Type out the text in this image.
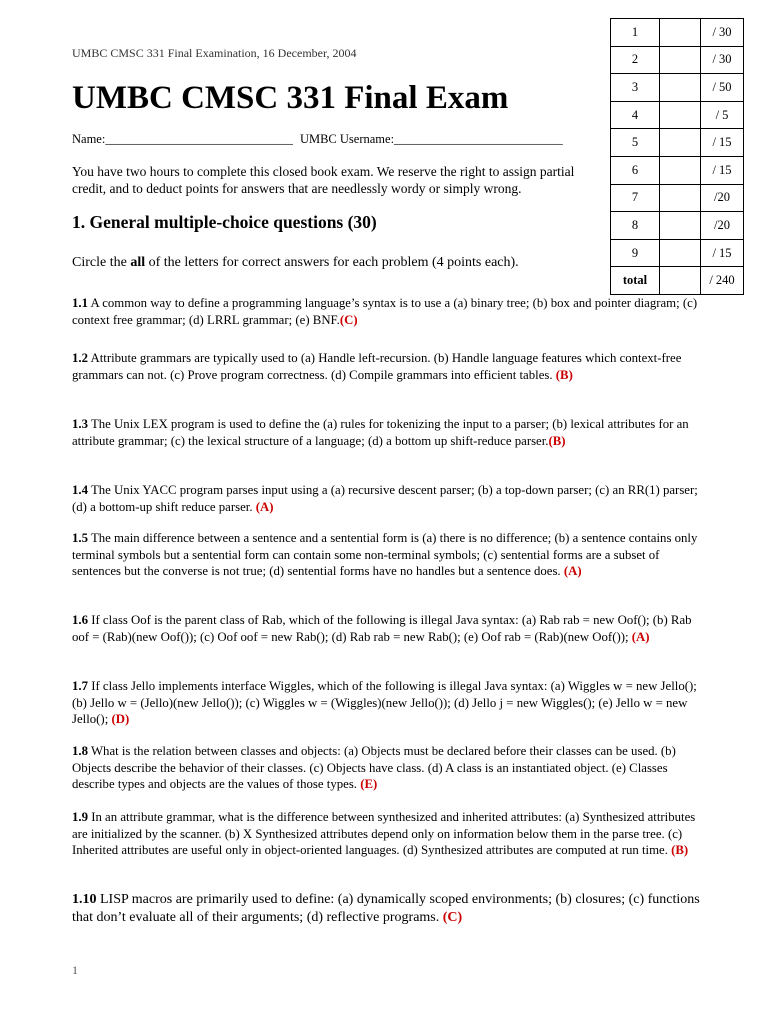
UMBC CMSC 331 Final Examination, 16 December, 2004
UMBC CMSC 331 Final Exam
Name:______________________________ UMBC Username:___________________________
You have two hours to complete this closed book exam. We reserve the right to assign partial credit, and to deduct points for answers that are needlessly wordy or simply wrong.
1. General multiple-choice questions (30)
Circle the all of the letters for correct answers for each problem (4 points each).
1		/ 30
2		/ 30
3		/ 50
4		/ 5
5		/ 15
6		/ 15
7		/20
8		/20
9		/ 15
total		/ 240
1.1 A common way to define a programming language’s syntax is to use a (a) binary tree; (b) box and pointer diagram; (c) context free grammar; (d) LRRL grammar; (e) BNF.(C)
1.2 Attribute grammars are typically used to (a) Handle left-recursion. (b) Handle language features which context-free grammars can not. (c) Prove program correctness. (d) Compile grammars into efficient tables. (B)
1.3 The Unix LEX program is used to define the (a) rules for tokenizing the input to a parser; (b) lexical attributes for an attribute grammar; (c) the lexical structure of a language; (d) a bottom up shift-reduce parser.(B)
1.4 The Unix YACC program parses input using a (a) recursive descent parser; (b) a top-down parser; (c) an RR(1) parser; (d) a bottom-up shift reduce parser. (A)
1.5 The main difference between a sentence and a sentential form is (a) there is no difference; (b) a sentence contains only terminal symbols but a sentential form can contain some non-terminal symbols; (c) sentential forms are a subset of sentences but the converse is not true; (d) sentential forms have no handles but a sentence does. (A)
1.6 If class Oof is the parent class of Rab, which of the following is illegal Java syntax: (a) Rab rab = new Oof(); (b) Rab oof = (Rab)(new Oof()); (c) Oof oof = new Rab(); (d) Rab rab = new Rab(); (e) Oof rab = (Rab)(new Oof()); (A)
1.7 If class Jello implements interface Wiggles, which of the following is illegal Java syntax: (a) Wiggles w = new Jello(); (b) Jello w = (Jello)(new Jello()); (c) Wiggles w = (Wiggles)(new Jello()); (d) Jello j = new Wiggles(); (e) Jello w = new Jello(); (D)
1.8 What is the relation between classes and objects: (a) Objects must be declared before their classes can be used. (b) Objects describe the behavior of their classes. (c) Objects have class. (d) A class is an instantiated object. (e) Classes describe types and objects are the values of those types. (E)
1.9 In an attribute grammar, what is the difference between synthesized and inherited attributes: (a) Synthesized attributes are initialized by the scanner. (b) X Synthesized attributes depend only on information below them in the parse tree. (c) Inherited attributes are useful only in object-oriented languages. (d) Synthesized attributes are computed at run time. (B)
1.10 LISP macros are primarily used to define: (a) dynamically scoped environments; (b) closures; (c) functions that don’t evaluate all of their arguments; (d) reflective programs. (C)
1
